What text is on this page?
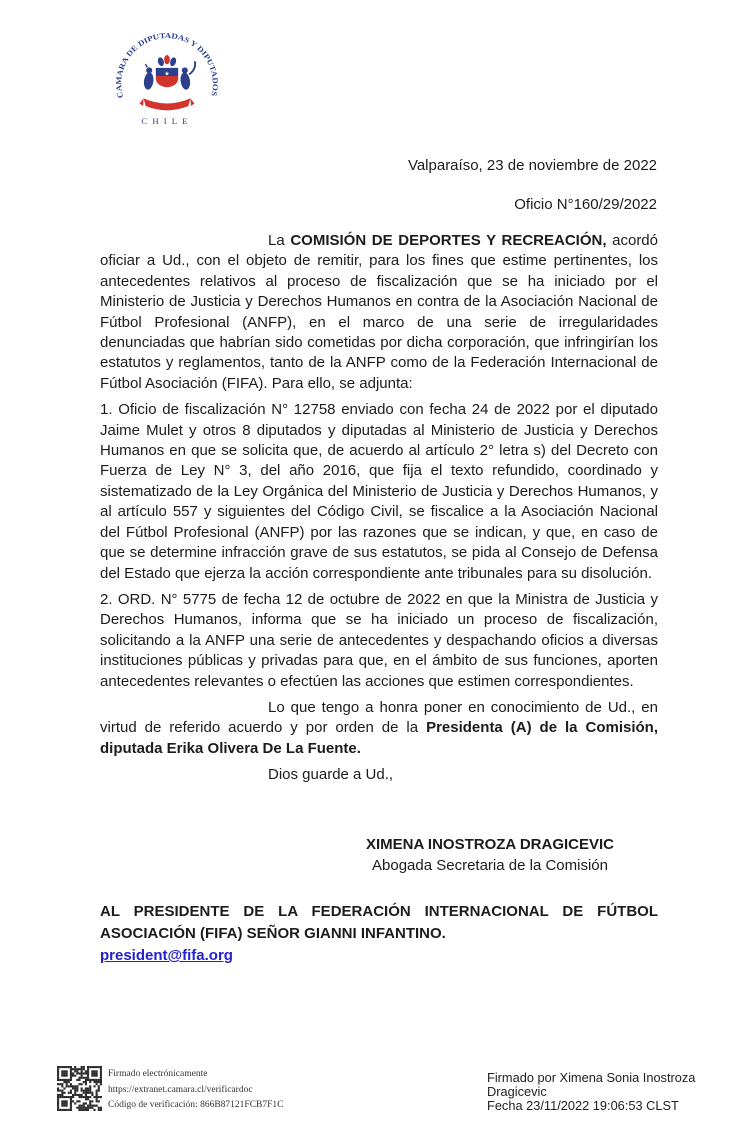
CAMARA DE DIPUTADAS Y DIPUTADOS
★
CHILE
Valparaíso, 23 de noviembre de 2022
Oficio N°160/29/2022

La COMISIÓN DE DEPORTES Y RECREACIÓN, acordó oficiar a Ud., con el objeto de remitir, para los fines que estime pertinentes, los antecedentes relativos al proceso de fiscalización que se ha iniciado por el Ministerio de Justicia y Derechos Humanos en contra de la Asociación Nacional de Fútbol Profesional (ANFP), en el marco de una serie de irregularidades denunciadas que habrían sido cometidas por dicha corporación, que infringirían los estatutos y reglamentos, tanto de la ANFP como de la Federación Internacional de Fútbol Asociación (FIFA). Para ello, se adjunta:

1. Oficio de fiscalización N° 12758 enviado con fecha 24 de 2022 por el diputado Jaime Mulet y otros 8 diputados y diputadas al Ministerio de Justicia y Derechos Humanos en que se solicita que, de acuerdo al artículo 2° letra s) del Decreto con Fuerza de Ley N° 3, del año 2016, que fija el texto refundido, coordinado y sistematizado de la Ley Orgánica del Ministerio de Justicia y Derechos Humanos, y al artículo 557 y siguientes del Código Civil, se fiscalice a la Asociación Nacional del Fútbol Profesional (ANFP) por las razones que se indican, y que, en caso de que se determine infracción grave de sus estatutos, se pida al Consejo de Defensa del Estado que ejerza la acción correspondiente ante tribunales para su disolución.

2. ORD. N° 5775 de fecha 12 de octubre de 2022 en que la Ministra de Justicia y Derechos Humanos, informa que se ha iniciado un proceso de fiscalización, solicitando a la ANFP una serie de antecedentes y despachando oficios a diversas instituciones públicas y privadas para que, en el ámbito de sus funciones, aporten antecedentes relevantes o efectúen las acciones que estimen correspondientes.

Lo que tengo a honra poner en conocimiento de Ud., en virtud de referido acuerdo y por orden de la Presidenta (A) de la Comisión, diputada Erika Olivera De La Fuente.

Dios guarde a Ud.,

XIMENA INOSTROZA DRAGICEVIC
Abogada Secretaria de la Comisión
AL PRESIDENTE DE LA FEDERACIÓN INTERNACIONAL DE FÚTBOL ASOCIACIÓN (FIFA) SEÑOR GIANNI INFANTINO.
president@fifa.org
Firmado electrónicamente
https://extranet.camara.cl/verificardoc
Código de verificación: 866B87121FCB7F1C
Firmado por Ximena Sonia Inostroza Dragicevic
Fecha 23/11/2022 19:06:53 CLST
